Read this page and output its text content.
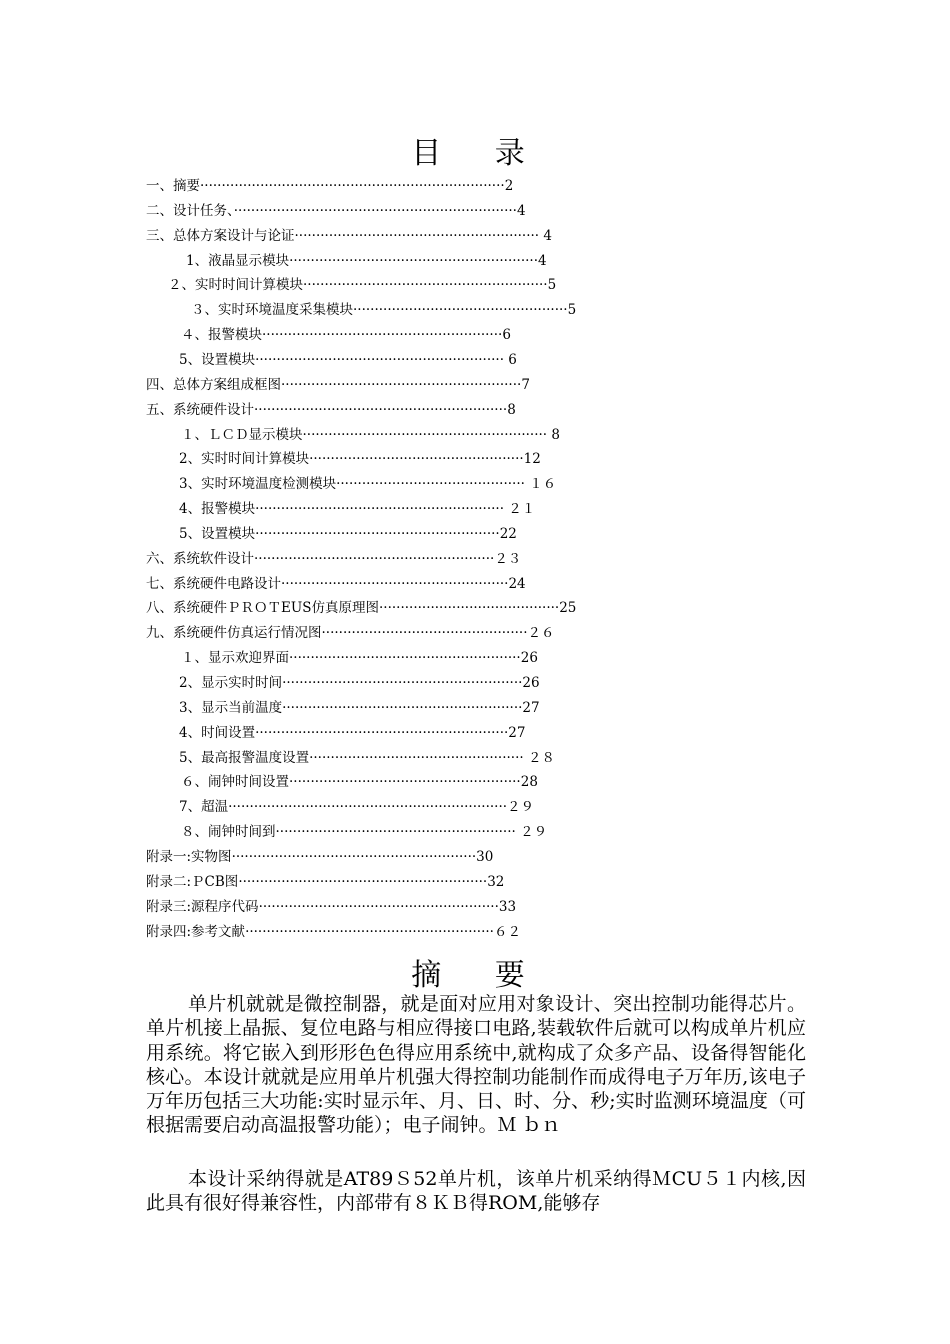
目 录
一、摘要·······································································2
二、设计任务、··································································4
三、总体方案设计与论证························································· 4
1、液晶显示模块··························································4
２、实时时间计算模块·························································5
３、实时环境温度采集模块··················································5
４、报警模块························································6
5、设置模块·························································· 6
四、总体方案组成框图························································7
五、系统硬件设计···························································8
１、ＬＣＤ显示模块························································· 8
2、实时时间计算模块··················································12
3、实时环境温度检测模块············································ １６
4、报警模块·························································· ２１
5、设置模块·························································22
六、系统软件设计························································２３
七、系统硬件电路设计·····················································24
八、系统硬件ＰＲＯＴEUS仿真原理图··········································25
九、系统硬件仿真运行情况图················································２６
１、显示欢迎界面······················································26
2、显示实时时间························································26
3、显示当前温度························································27
4、时间设置···························································27
5、最高报警温度设置·················································· ２８
６、闹钟时间设置······················································28
7、超温·································································２９
８、闹钟时间到························································ ２９
附录一:实物图·························································30
附录二:ＰCB图··························································32
附录三:源程序代码························································33
附录四:参考文献··························································６２
摘 要

单片机就就是微控制器，就是面对应用对象设计、突出控制功能得芯片。单片机接上晶振、复位电路与相应得接口电路,装载软件后就可以构成单片机应用系统。将它嵌入到形形色色得应用系统中,就构成了众多产品、设备得智能化核心。本设计就就是应用单片机强大得控制功能制作而成得电子万年历,该电子万年历包括三大功能:实时显示年、月、日、时、分、秒;实时监测环境温度（可根据需要启动高温报警功能）；电子闹钟。Ｍ ｂｎ

本设计采纳得就是AT89Ｓ52单片机，该单片机采纳得ＭCU５１内核,因此具有很好得兼容性，内部带有８ＫＢ得ROM,能够存
